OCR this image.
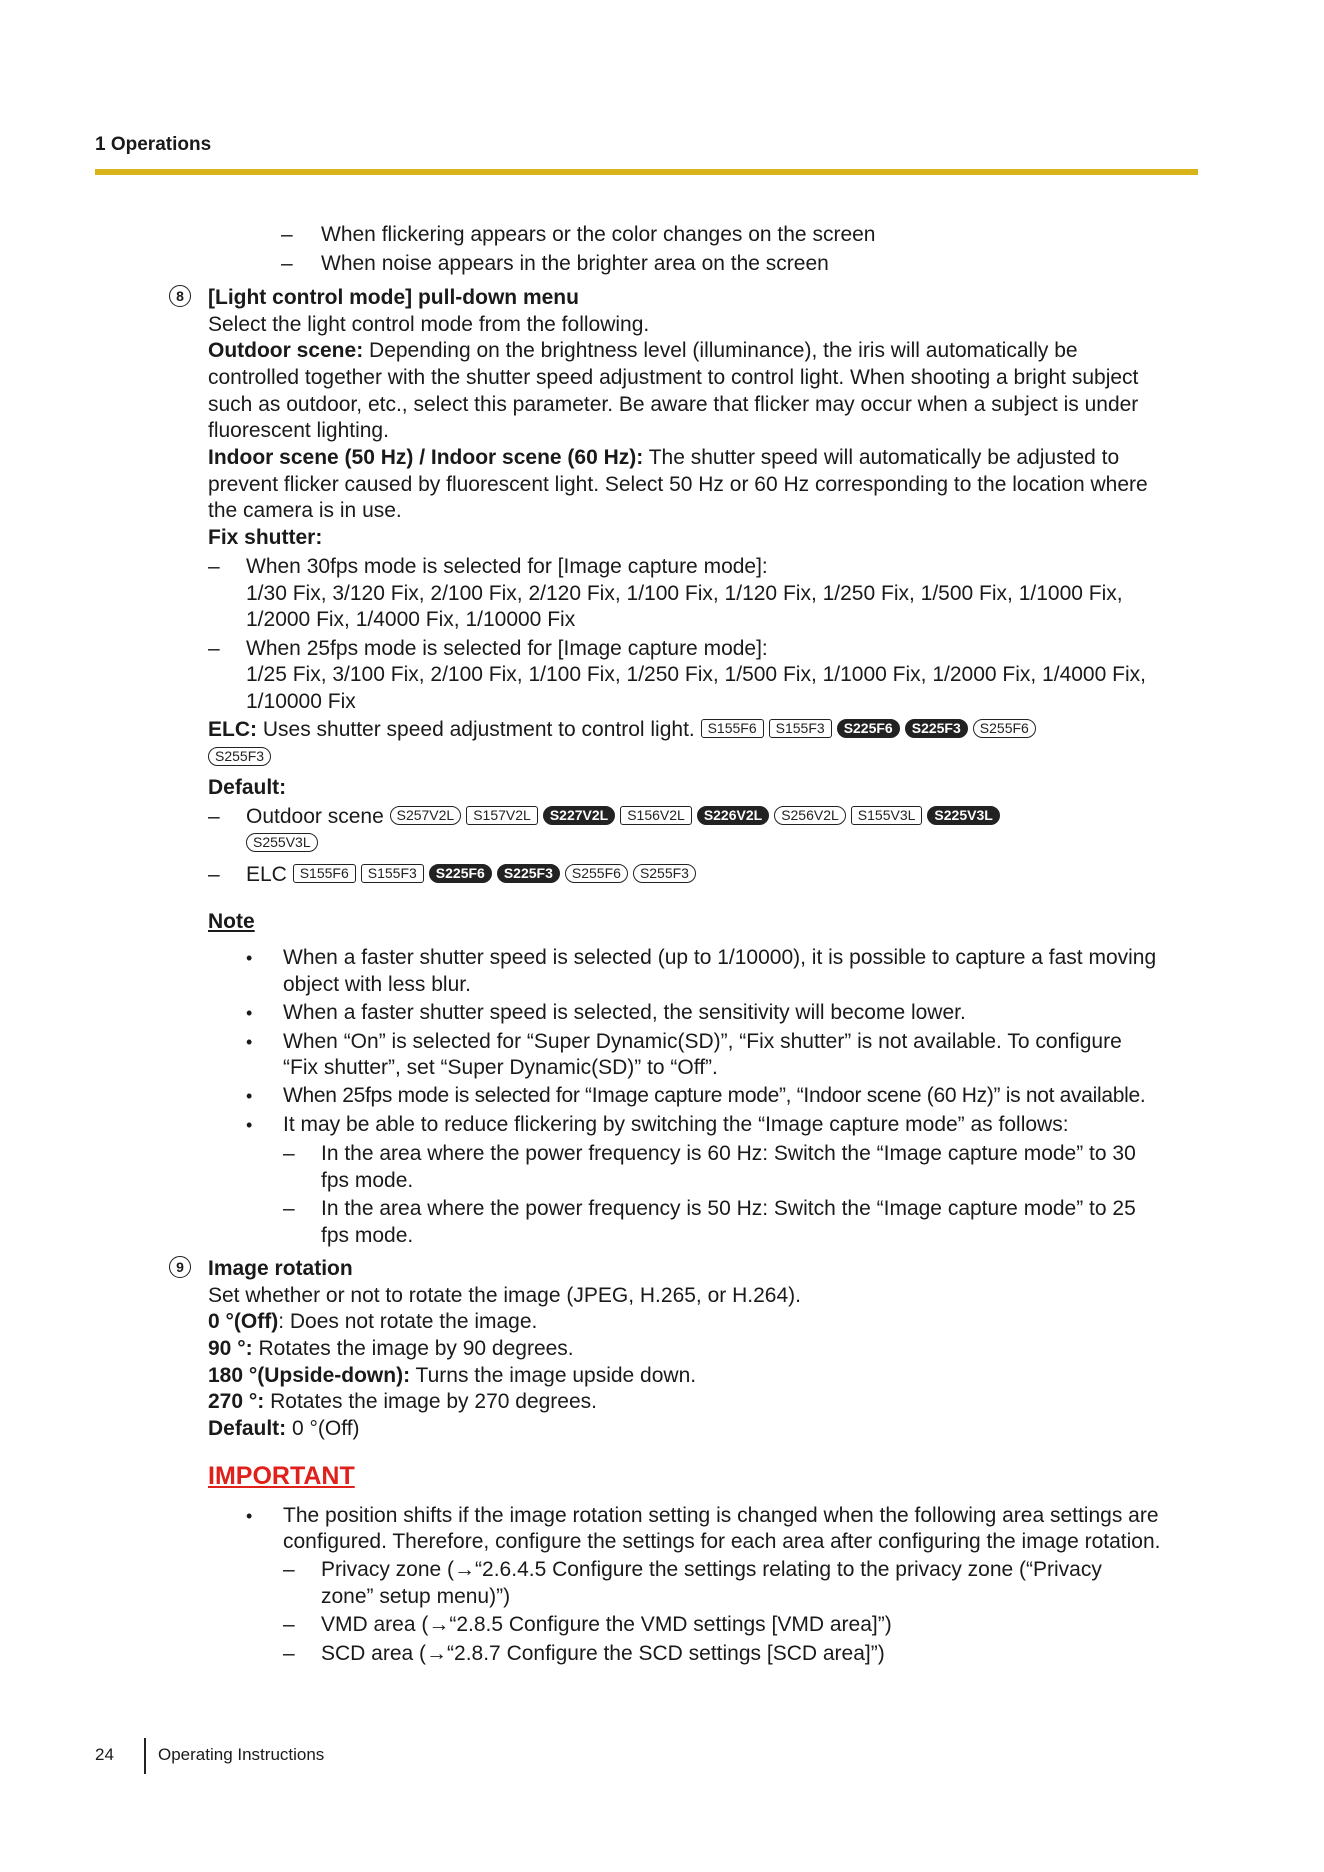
1 Operations
– When flickering appears or the color changes on the screen
– When noise appears in the brighter area on the screen
8	[Light control mode] pull-down menu
Select the light control mode from the following.
Outdoor scene: Depending on the brightness level (illuminance), the iris will automatically be
controlled together with the shutter speed adjustment to control light. When shooting a bright subject
such as outdoor, etc., select this parameter. Be aware that flicker may occur when a subject is under
fluorescent lighting.
Indoor scene (50 Hz) / Indoor scene (60 Hz): The shutter speed will automatically be adjusted to
prevent flicker caused by fluorescent light. Select 50 Hz or 60 Hz corresponding to the location where
the camera is in use.
Fix shutter:
– When 30fps mode is selected for [Image capture mode]:
1/30 Fix, 3/120 Fix, 2/100 Fix, 2/120 Fix, 1/100 Fix, 1/120 Fix, 1/250 Fix, 1/500 Fix, 1/1000 Fix,
1/2000 Fix, 1/4000 Fix, 1/10000 Fix
– When 25fps mode is selected for [Image capture mode]:
1/25 Fix, 3/100 Fix, 2/100 Fix, 1/100 Fix, 1/250 Fix, 1/500 Fix, 1/1000 Fix, 1/2000 Fix, 1/4000 Fix,
1/10000 Fix
ELC: Uses shutter speed adjustment to control light. S155F6 S155F3 S225F6 S225F3 S255F6
S255F3
Default:
– Outdoor scene S257V2L S157V2L S227V2L S156V2L S226V2L S256V2L S155V3L S225V3L
S255V3L
– ELC S155F6 S155F3 S225F6 S225F3 S255F6 S255F3
Note
• When a faster shutter speed is selected (up to 1/10000), it is possible to capture a fast moving
object with less blur.
• When a faster shutter speed is selected, the sensitivity will become lower.
• When “On” is selected for “Super Dynamic(SD)”, “Fix shutter” is not available. To configure
“Fix shutter”, set “Super Dynamic(SD)” to “Off”.
• When 25fps mode is selected for “Image capture mode”, “Indoor scene (60 Hz)” is not available.
• It may be able to reduce flickering by switching the “Image capture mode” as follows:
– In the area where the power frequency is 60 Hz: Switch the “Image capture mode” to 30
fps mode.
– In the area where the power frequency is 50 Hz: Switch the “Image capture mode” to 25
fps mode.
9	Image rotation
Set whether or not to rotate the image (JPEG, H.265, or H.264).
0 °(Off): Does not rotate the image.
90 °: Rotates the image by 90 degrees.
180 °(Upside-down): Turns the image upside down.
270 °: Rotates the image by 270 degrees.
Default: 0 °(Off)
IMPORTANT
• The position shifts if the image rotation setting is changed when the following area settings are
configured. Therefore, configure the settings for each area after configuring the image rotation.
– Privacy zone (→“2.6.4.5 Configure the settings relating to the privacy zone (“Privacy
zone” setup menu)”)
– VMD area (→“2.8.5 Configure the VMD settings [VMD area]”)
– SCD area (→“2.8.7 Configure the SCD settings [SCD area]”)
24	Operating Instructions
